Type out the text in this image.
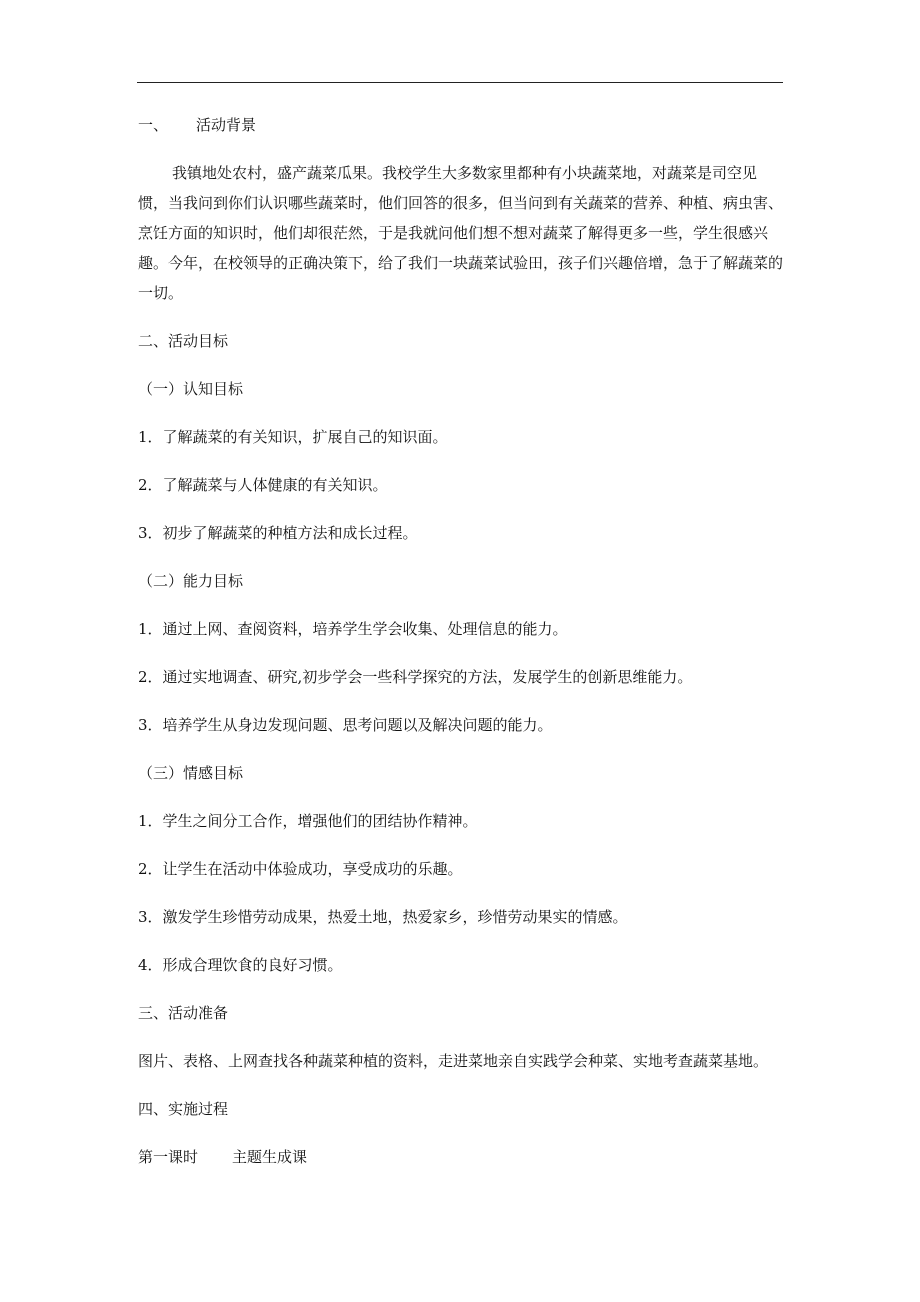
一、 活动背景

我镇地处农村，盛产蔬菜瓜果。我校学生大多数家里都种有小块蔬菜地，对蔬菜是司空见惯，当我问到你们认识哪些蔬菜时，他们回答的很多，但当问到有关蔬菜的营养、种植、病虫害、烹饪方面的知识时，他们却很茫然，于是我就问他们想不想对蔬菜了解得更多一些，学生很感兴趣。今年，在校领导的正确决策下，给了我们一块蔬菜试验田，孩子们兴趣倍增，急于了解蔬菜的一切。

二、活动目标

（一）认知目标

1．了解蔬菜的有关知识，扩展自己的知识面。

2．了解蔬菜与人体健康的有关知识。

3．初步了解蔬菜的种植方法和成长过程。

（二）能力目标

1．通过上网、查阅资料，培养学生学会收集、处理信息的能力。

2．通过实地调查、研究,初步学会一些科学探究的方法，发展学生的创新思维能力。

3．培养学生从身边发现问题、思考问题以及解决问题的能力。

（三）情感目标

1．学生之间分工合作，增强他们的团结协作精神。

2．让学生在活动中体验成功，享受成功的乐趣。

3．激发学生珍惜劳动成果，热爱土地，热爱家乡，珍惜劳动果实的情感。

4．形成合理饮食的良好习惯。

三、活动准备

图片、表格、上网查找各种蔬菜种植的资料，走进菜地亲自实践学会种菜、实地考查蔬菜基地。

四、实施过程

第一课时 主题生成课
